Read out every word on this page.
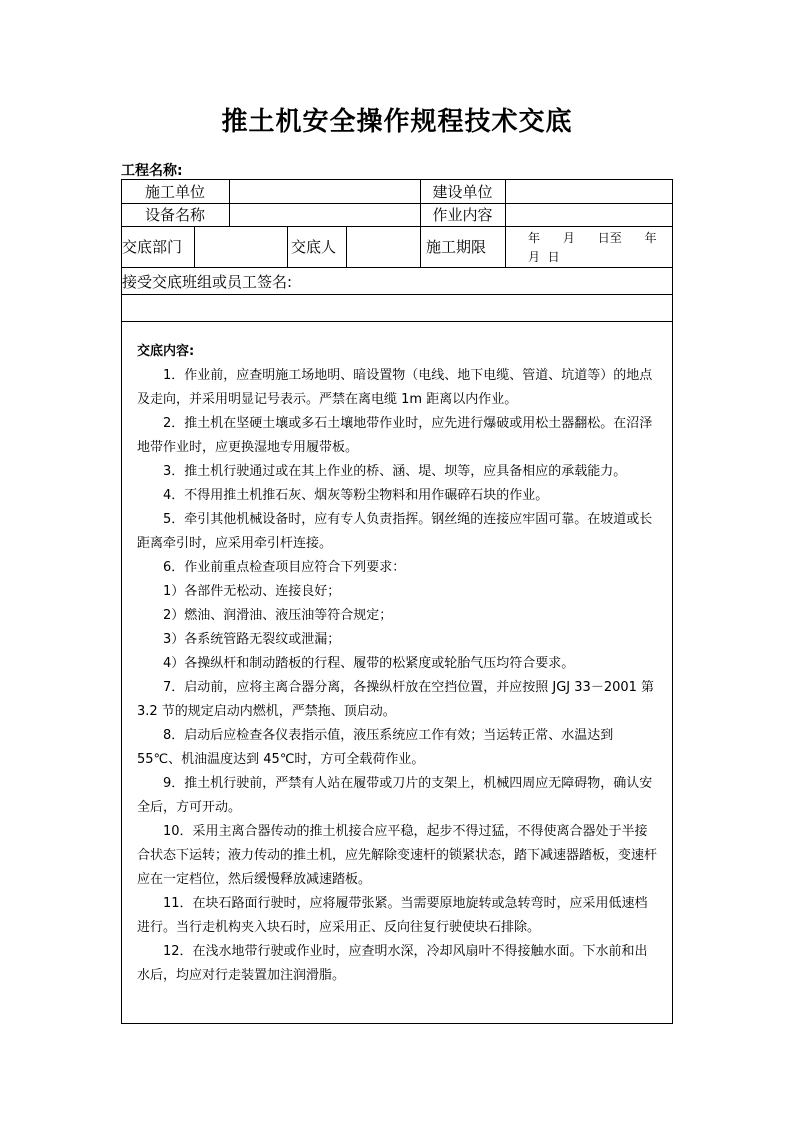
推土机安全操作规程技术交底
工程名称:
施工单位	建设单位
设备名称	作业内容
交底部门	交底人	施工期限	年      月      日至      年
月  日
接受交底班组或员工签名:
交底内容:

1．作业前，应查明施工场地明、暗设置物（电线、地下电缆、管道、坑道等）的地点及走向，并采用明显记号表示。严禁在离电缆 1m 距离以内作业。

2．推土机在坚硬土壤或多石土壤地带作业时，应先进行爆破或用松土器翻松。在沼泽地带作业时，应更换湿地专用履带板。

3．推土机行驶通过或在其上作业的桥、涵、堤、坝等，应具备相应的承载能力。

4．不得用推土机推石灰、烟灰等粉尘物料和用作碾碎石块的作业。

5．牵引其他机械设备时，应有专人负责指挥。钢丝绳的连接应牢固可靠。在坡道或长距离牵引时，应采用牵引杆连接。

6．作业前重点检查项目应符合下列要求：

1）各部件无松动、连接良好；

2）燃油、润滑油、液压油等符合规定；

3）各系统管路无裂纹或泄漏；

4）各操纵杆和制动踏板的行程、履带的松紧度或轮胎气压均符合要求。

7．启动前，应将主离合器分离，各操纵杆放在空挡位置，并应按照 JGJ 33－2001 第 3.2 节的规定启动内燃机，严禁拖、顶启动。

8．启动后应检查各仪表指示值，液压系统应工作有效；当运转正常、水温达到 55℃、机油温度达到 45℃时，方可全载荷作业。

9．推土机行驶前，严禁有人站在履带或刀片的支架上，机械四周应无障碍物，确认安全后，方可开动。

10．采用主离合器传动的推土机接合应平稳，起步不得过猛，不得使离合器处于半接合状态下运转；液力传动的推土机，应先解除变速杆的锁紧状态，踏下减速器踏板，变速杆应在一定档位，然后缓慢释放减速踏板。

11．在块石路面行驶时，应将履带张紧。当需要原地旋转或急转弯时，应采用低速档进行。当行走机构夹入块石时，应采用正、反向往复行驶使块石排除。

12．在浅水地带行驶或作业时，应查明水深，冷却风扇叶不得接触水面。下水前和出水后，均应对行走装置加注润滑脂。
